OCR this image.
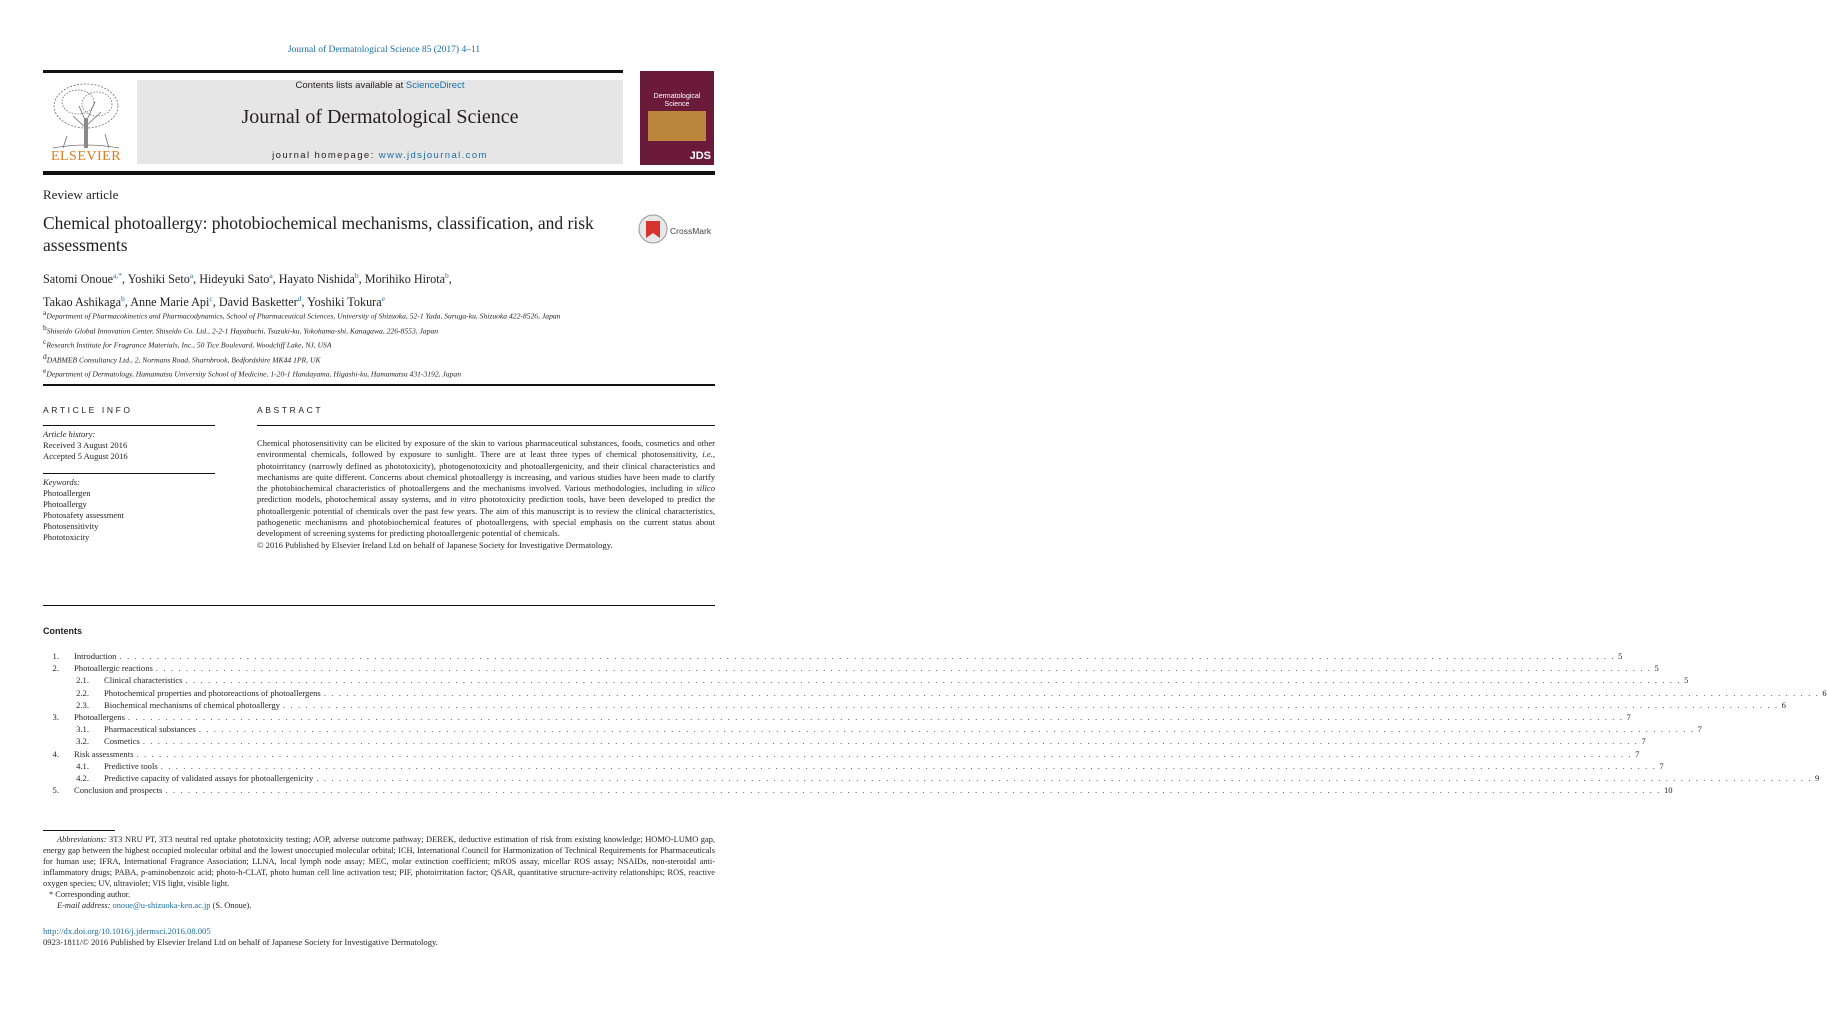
Journal of Dermatological Science 85 (2017) 4–11
ELSEVIER
Contents lists available at ScienceDirect
Journal of Dermatological Science
journal homepage: www.jdsjournal.com
Dermatological Science
JDS
Review article
Chemical photoallergy: photobiochemical mechanisms, classification, and risk assessments
CrossMark
Satomi Onoue$^{a,*}$, Yoshiki Seto$^a$, Hideyuki Sato$^a$, Hayato Nishida$^b$, Morihiko Hirota$^b$,
Takao Ashikaga$^b$, Anne Marie Api$^c$, David Basketter$^d$, Yoshiki Tokura$^e$
$^a$Department of Pharmacokinetics and Pharmacodynamics, School of Pharmaceutical Sciences, University of Shizuoka, 52-1 Yada, Suruga-ku, Shizuoka 422-8526, Japan
$^b$Shiseido Global Innovation Center, Shiseido Co. Ltd., 2-2-1 Hayabuchi, Tsuzuki-ku, Yokohama-shi, Kanagawa, 226-8553, Japan
$^c$Research Institute for Fragrance Materials, Inc., 50 Tice Boulevard, Woodcliff Lake, NJ, USA
$^d$DABMEB Consultancy Ltd., 2, Normans Road, Sharnbrook, Bedfordshire MK44 1PR, UK
$^e$Department of Dermatology, Hamamatsu University School of Medicine, 1-20-1 Handayama, Higashi-ku, Hamamatsu 431-3192, Japan
ARTICLE INFO
Article history:
Received 3 August 2016
Accepted 5 August 2016
Keywords:
Photoallergen
Photoallergy
Photosafety assessment
Photosensitivity
Phototoxicity
ABSTRACT
Chemical photosensitivity can be elicited by exposure of the skin to various pharmaceutical substances, foods, cosmetics and other environmental chemicals, followed by exposure to sunlight. There are at least three types of chemical photosensitivity, i.e., photoirritancy (narrowly defined as phototoxicity), photogenotoxicity and photoallergenicity, and their clinical characteristics and mechanisms are quite different. Concerns about chemical photoallergy is increasing, and various studies have been made to clarify the photobiochemical characteristics of photoallergens and the mechanisms involved. Various methodologies, including in silico prediction models, photochemical assay systems, and in vitro phototoxicity prediction tools, have been developed to predict the photoallergenic potential of chemicals over the past few years. The aim of this manuscript is to review the clinical characteristics, pathogenetic mechanisms and photobiochemical features of photoallergens, with special emphasis on the current status about development of screening systems for predicting photoallergenic potential of chemicals.
© 2016 Published by Elsevier Ireland Ltd on behalf of Japanese Society for Investigative Dermatology.
Contents
1.	Introduction . . . . . . . . . . . . . . . . . . . . . . . . . . . . . . . . . . . . . . . . . . . . . . . . . . . . . . . . . . . . . . . . . . . . . . . . . . . . . . . . . . . . . . . . . . . . . . . . . . . . . . . . . . . . . . . . . . . . . . . . . . . . . . . . . . . . . . . . . . . . . . . . . . . . . . . . . . . . . . . . . . . . . . . . . . . . . . . . . . . . . . . . . . . . . . . . . . . . . . . . 5
2.	Photoallergic reactions . . . . . . . . . . . . . . . . . . . . . . . . . . . . . . . . . . . . . . . . . . . . . . . . . . . . . . . . . . . . . . . . . . . . . . . . . . . . . . . . . . . . . . . . . . . . . . . . . . . . . . . . . . . . . . . . . . . . . . . . . . . . . . . . . . . . . . . . . . . . . . . . . . . . . . . . . . . . . . . . . . . . . . . . . . . . . . . . . . . . . . . . . . . . . . . . . . . . . . . . 5
2.1.	Clinical characteristics . . . . . . . . . . . . . . . . . . . . . . . . . . . . . . . . . . . . . . . . . . . . . . . . . . . . . . . . . . . . . . . . . . . . . . . . . . . . . . . . . . . . . . . . . . . . . . . . . . . . . . . . . . . . . . . . . . . . . . . . . . . . . . . . . . . . . . . . . . . . . . . . . . . . . . . . . . . . . . . . . . . . . . . . . . . . . . . . . . . . . . . . . . . . . . . . . . . . . . . . 5
2.2.	Photochemical properties and photoreactions of photoallergens . . . . . . . . . . . . . . . . . . . . . . . . . . . . . . . . . . . . . . . . . . . . . . . . . . . . . . . . . . . . . . . . . . . . . . . . . . . . . . . . . . . . . . . . . . . . . . . . . . . . . . . . . . . . . . . . . . . . . . . . . . . . . . . . . . . . . . . . . . . . . . . . . . . . . . . . . . . . . . . . . . . . . . . . . . . . . . . . . . . . . . . . . . . . . . . . . . . . . . . . 6
2.3.	Biochemical mechanisms of chemical photoallergy . . . . . . . . . . . . . . . . . . . . . . . . . . . . . . . . . . . . . . . . . . . . . . . . . . . . . . . . . . . . . . . . . . . . . . . . . . . . . . . . . . . . . . . . . . . . . . . . . . . . . . . . . . . . . . . . . . . . . . . . . . . . . . . . . . . . . . . . . . . . . . . . . . . . . . . . . . . . . . . . . . . . . . . . . . . . . . . . . . . . . . . . . . . . . . . . . . . . . . . . 6
3.	Photoallergens . . . . . . . . . . . . . . . . . . . . . . . . . . . . . . . . . . . . . . . . . . . . . . . . . . . . . . . . . . . . . . . . . . . . . . . . . . . . . . . . . . . . . . . . . . . . . . . . . . . . . . . . . . . . . . . . . . . . . . . . . . . . . . . . . . . . . . . . . . . . . . . . . . . . . . . . . . . . . . . . . . . . . . . . . . . . . . . . . . . . . . . . . . . . . . . . . . . . . . . . 7
3.1.	Pharmaceutical substances . . . . . . . . . . . . . . . . . . . . . . . . . . . . . . . . . . . . . . . . . . . . . . . . . . . . . . . . . . . . . . . . . . . . . . . . . . . . . . . . . . . . . . . . . . . . . . . . . . . . . . . . . . . . . . . . . . . . . . . . . . . . . . . . . . . . . . . . . . . . . . . . . . . . . . . . . . . . . . . . . . . . . . . . . . . . . . . . . . . . . . . . . . . . . . . . . . . . . . . . 7
3.2.	Cosmetics . . . . . . . . . . . . . . . . . . . . . . . . . . . . . . . . . . . . . . . . . . . . . . . . . . . . . . . . . . . . . . . . . . . . . . . . . . . . . . . . . . . . . . . . . . . . . . . . . . . . . . . . . . . . . . . . . . . . . . . . . . . . . . . . . . . . . . . . . . . . . . . . . . . . . . . . . . . . . . . . . . . . . . . . . . . . . . . . . . . . . . . . . . . . . . . . . . . . . . . . 7
4.	Risk assessments . . . . . . . . . . . . . . . . . . . . . . . . . . . . . . . . . . . . . . . . . . . . . . . . . . . . . . . . . . . . . . . . . . . . . . . . . . . . . . . . . . . . . . . . . . . . . . . . . . . . . . . . . . . . . . . . . . . . . . . . . . . . . . . . . . . . . . . . . . . . . . . . . . . . . . . . . . . . . . . . . . . . . . . . . . . . . . . . . . . . . . . . . . . . . . . . . . . . . . . . 7
4.1.	Predictive tools . . . . . . . . . . . . . . . . . . . . . . . . . . . . . . . . . . . . . . . . . . . . . . . . . . . . . . . . . . . . . . . . . . . . . . . . . . . . . . . . . . . . . . . . . . . . . . . . . . . . . . . . . . . . . . . . . . . . . . . . . . . . . . . . . . . . . . . . . . . . . . . . . . . . . . . . . . . . . . . . . . . . . . . . . . . . . . . . . . . . . . . . . . . . . . . . . . . . . . . . 7
4.2.	Predictive capacity of validated assays for photoallergenicity . . . . . . . . . . . . . . . . . . . . . . . . . . . . . . . . . . . . . . . . . . . . . . . . . . . . . . . . . . . . . . . . . . . . . . . . . . . . . . . . . . . . . . . . . . . . . . . . . . . . . . . . . . . . . . . . . . . . . . . . . . . . . . . . . . . . . . . . . . . . . . . . . . . . . . . . . . . . . . . . . . . . . . . . . . . . . . . . . . . . . . . . . . . . . . . . . . . . . . . . 9
5.	Conclusion and prospects . . . . . . . . . . . . . . . . . . . . . . . . . . . . . . . . . . . . . . . . . . . . . . . . . . . . . . . . . . . . . . . . . . . . . . . . . . . . . . . . . . . . . . . . . . . . . . . . . . . . . . . . . . . . . . . . . . . . . . . . . . . . . . . . . . . . . . . . . . . . . . . . . . . . . . . . . . . . . . . . . . . . . . . . . . . . . . . . . . . . . . . . . . . . . . . . . . . . . . . . 10
Abbreviations: 3T3 NRU PT, 3T3 neutral red uptake phototoxicity testing; AOP, adverse outcome pathway; DEREK, deductive estimation of risk from existing knowledge; HOMO-LUMO gap, energy gap between the highest occupied molecular orbital and the lowest unoccupied molecular orbital; ICH, International Council for Harmonization of Technical Requirements for Pharmaceuticals for human use; IFRA, International Fragrance Association; LLNA, local lymph node assay; MEC, molar extinction coefficient; mROS assay, micellar ROS assay; NSAIDs, non-steroidal anti-inflammatory drugs; PABA, p-aminobenzoic acid; photo-h-CLAT, photo human cell line activation test; PIF, photoirritation factor; QSAR, quantitative structure-activity relationships; ROS, reactive oxygen species; UV, ultraviolet; VIS light, visible light.
* Corresponding author.
E-mail address: onoue@u-shizuoka-ken.ac.jp (S. Onoue).
http://dx.doi.org/10.1016/j.jdermsci.2016.08.005
0923-1811/© 2016 Published by Elsevier Ireland Ltd on behalf of Japanese Society for Investigative Dermatology.
